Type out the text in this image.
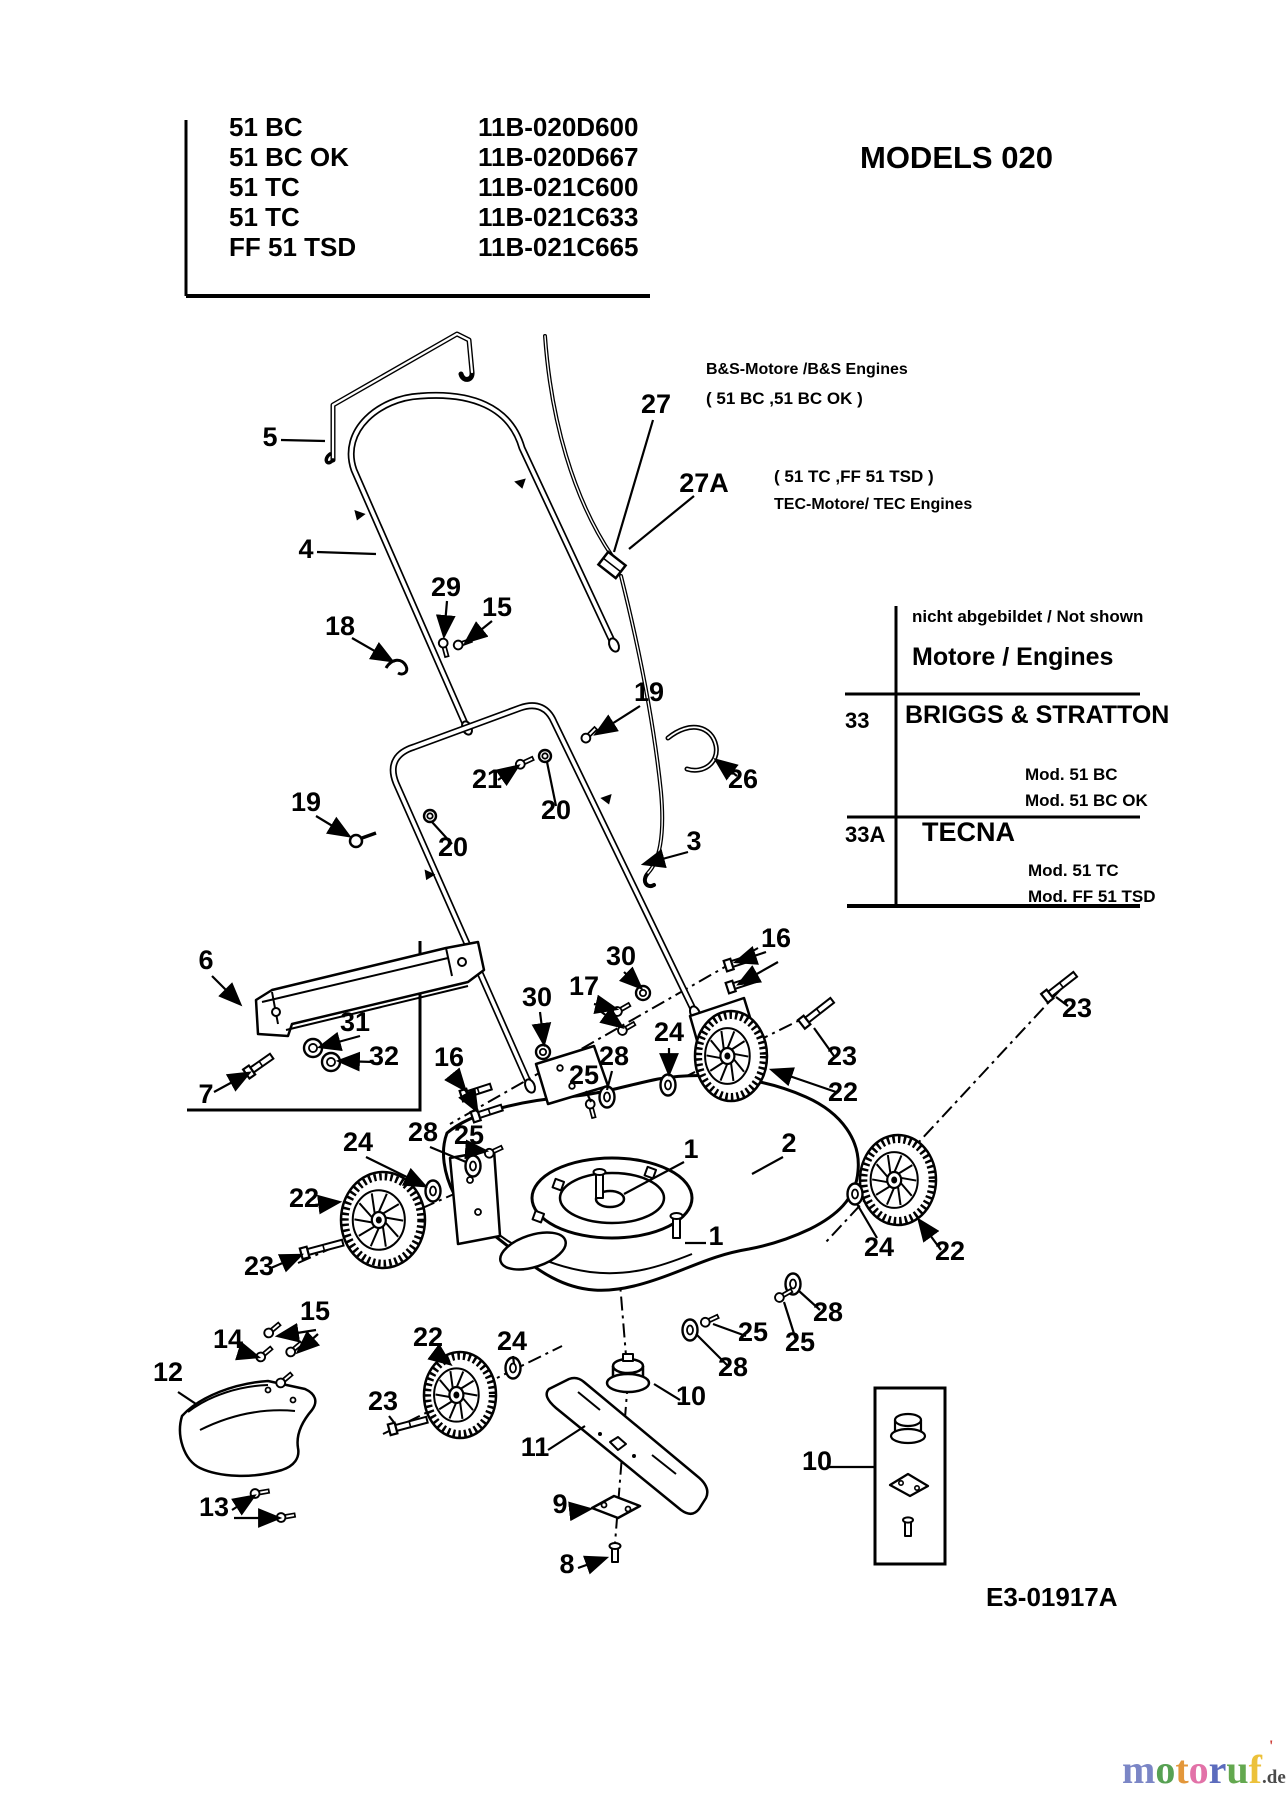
5
4
29
15
18
27
27A
19
26
19
21
20
20	3
6
31
32
7
30
17
16
30
24
16	28
25
23
22
2
28 25
24
22
23
1
1	24 22
23
28
25
25
28
15
14
12
13
22 24
23
11
10
9
8
10
51 BC	11B-020D600
51 BC OK	11B-020D667
51 TC	11B-021C600
51 TC	11B-021C633
FF 51 TSD	11B-021C665
MODELS 020
B&S-Motore /B&S Engines
( 51 BC ,51 BC OK )
( 51 TC ,FF 51 TSD )
TEC-Motore/ TEC Engines
nicht abgebildet / Not shown
Motore / Engines
33 BRIGGS & STRATTON
Mod. 51 BC
Mod. 51 BC OK
33A TECNA
Mod. 51 TC
Mod. FF 51 TSD
E3-01917A
motoruf
'
.de
